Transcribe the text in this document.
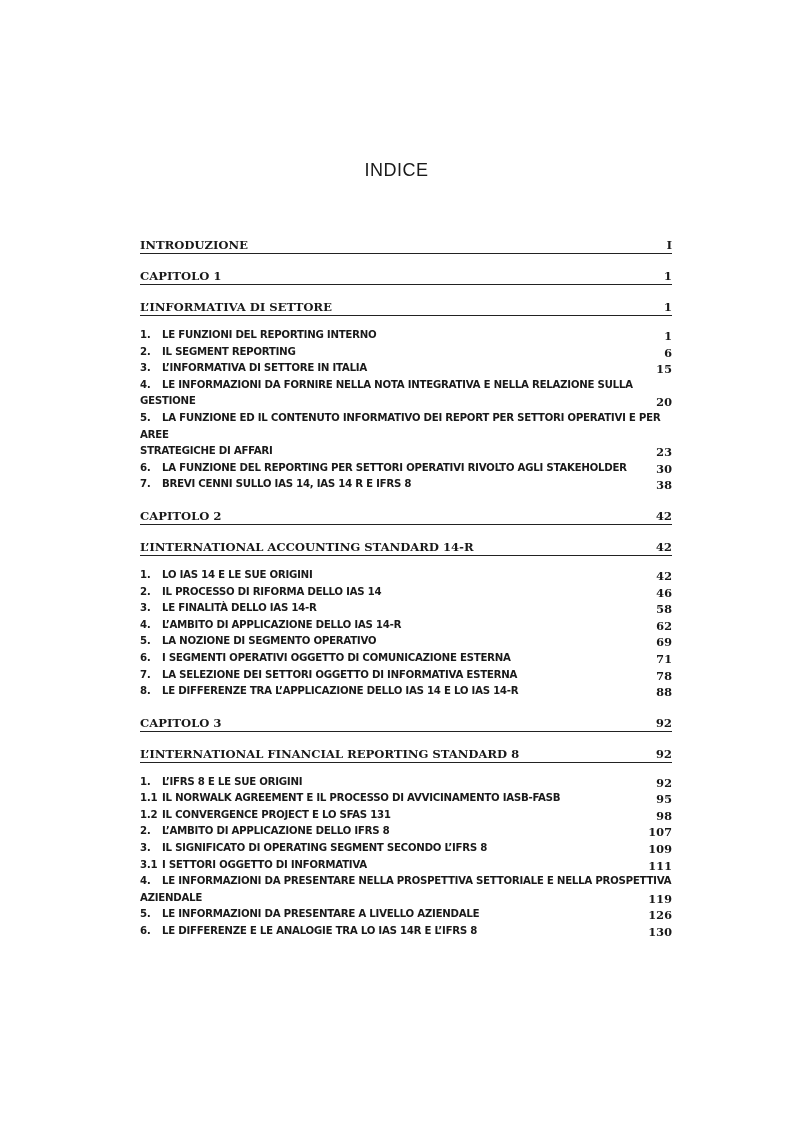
INDICE
INTRODUZIONE	I
CAPITOLO 1	1
L’INFORMATIVA DI SETTORE	1
1.	LE FUNZIONI DEL REPORTING INTERNO	1
2.	IL SEGMENT REPORTING	6
3.	L’INFORMATIVA DI SETTORE IN ITALIA	15
4. LE INFORMAZIONI DA FORNIRE NELLA NOTA INTEGRATIVA E NELLA RELAZIONE SULLA
GESTIONE	20
5. LA FUNZIONE ED IL CONTENUTO INFORMATIVO DEI REPORT PER SETTORI OPERATIVI E PER AREE
STRATEGICHE DI AFFARI	23
6.	LA FUNZIONE DEL REPORTING PER SETTORI OPERATIVI RIVOLTO AGLI STAKEHOLDER	30
7.	BREVI CENNI SULLO IAS 14, IAS 14 R E IFRS 8	38
CAPITOLO 2	42
L’INTERNATIONAL ACCOUNTING STANDARD 14-R	42
1.	LO IAS 14 E LE SUE ORIGINI	42
2.	IL PROCESSO DI RIFORMA DELLO IAS 14	46
3.	LE FINALITÀ DELLO IAS 14-R	58
4.	L’AMBITO DI APPLICAZIONE DELLO IAS 14-R	62
5.	LA NOZIONE DI SEGMENTO OPERATIVO	69
6.	I SEGMENTI OPERATIVI OGGETTO DI COMUNICAZIONE ESTERNA	71
7.	LA SELEZIONE DEI SETTORI OGGETTO DI INFORMATIVA ESTERNA	78
8.	LE DIFFERENZE TRA L’APPLICAZIONE DELLO IAS 14 E LO IAS 14-R	88
CAPITOLO 3	92
L’INTERNATIONAL FINANCIAL REPORTING STANDARD 8	92
1.	L’IFRS 8 E LE SUE ORIGINI	92
1.1 IL NORWALK AGREEMENT E IL PROCESSO DI AVVICINAMENTO IASB-FASB	95
1.2 IL CONVERGENCE PROJECT E LO SFAS 131	98
2.	L’AMBITO DI APPLICAZIONE DELLO IFRS 8	107
3.	IL SIGNIFICATO DI OPERATING SEGMENT SECONDO L’IFRS 8	109
3.1 I SETTORI OGGETTO DI INFORMATIVA	111
4. LE INFORMAZIONI DA PRESENTARE NELLA PROSPETTIVA SETTORIALE E NELLA PROSPETTIVA
AZIENDALE	119
5.	LE INFORMAZIONI DA PRESENTARE A LIVELLO AZIENDALE	126
6.	LE DIFFERENZE E LE ANALOGIE TRA LO IAS 14R E L’IFRS 8	130
